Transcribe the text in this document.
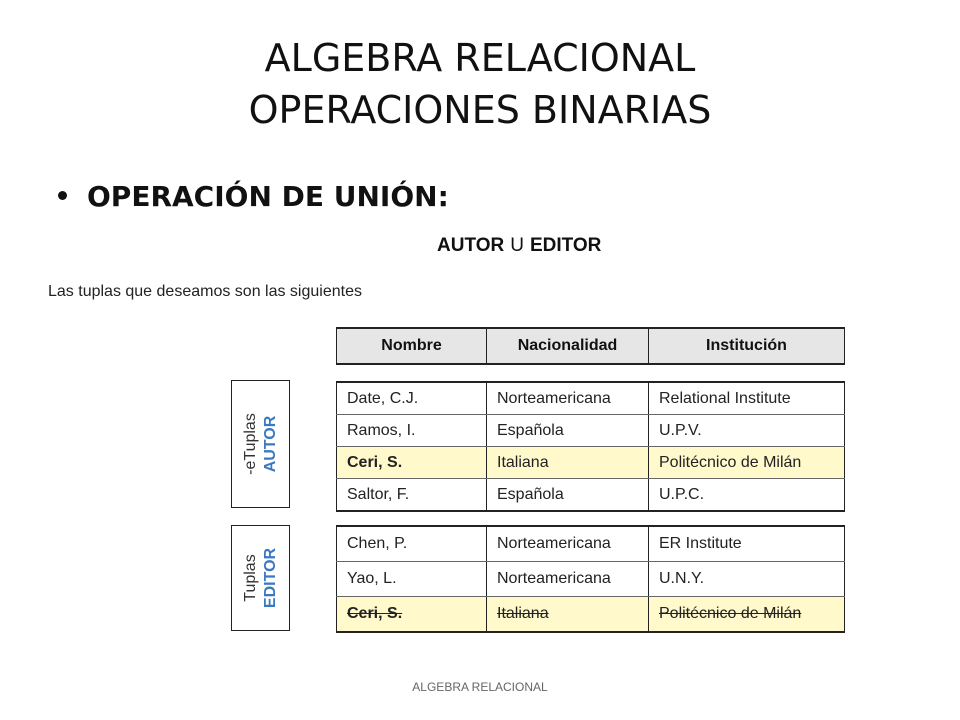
ALGEBRA RELACIONAL
OPERACIONES BINARIAS
OPERACIÓN DE UNIÓN:
AUTOR U EDITOR
Las tuplas que deseamos son las siguientes
Nombre	Nacionalidad	Institución
-eTuplas AUTOR
Date, C.J.	Norteamericana	Relational Institute
Ramos, I.	Española	U.P.V.
Ceri, S.	Italiana	Politécnico de Milán
Saltor, F.	Española	U.P.C.
Tuplas EDITOR
Chen, P.	Norteamericana	ER Institute
Yao, L.	Norteamericana	U.N.Y.
Ceri, S.	Italiana	Politécnico de Milán
ALGEBRA RELACIONAL
